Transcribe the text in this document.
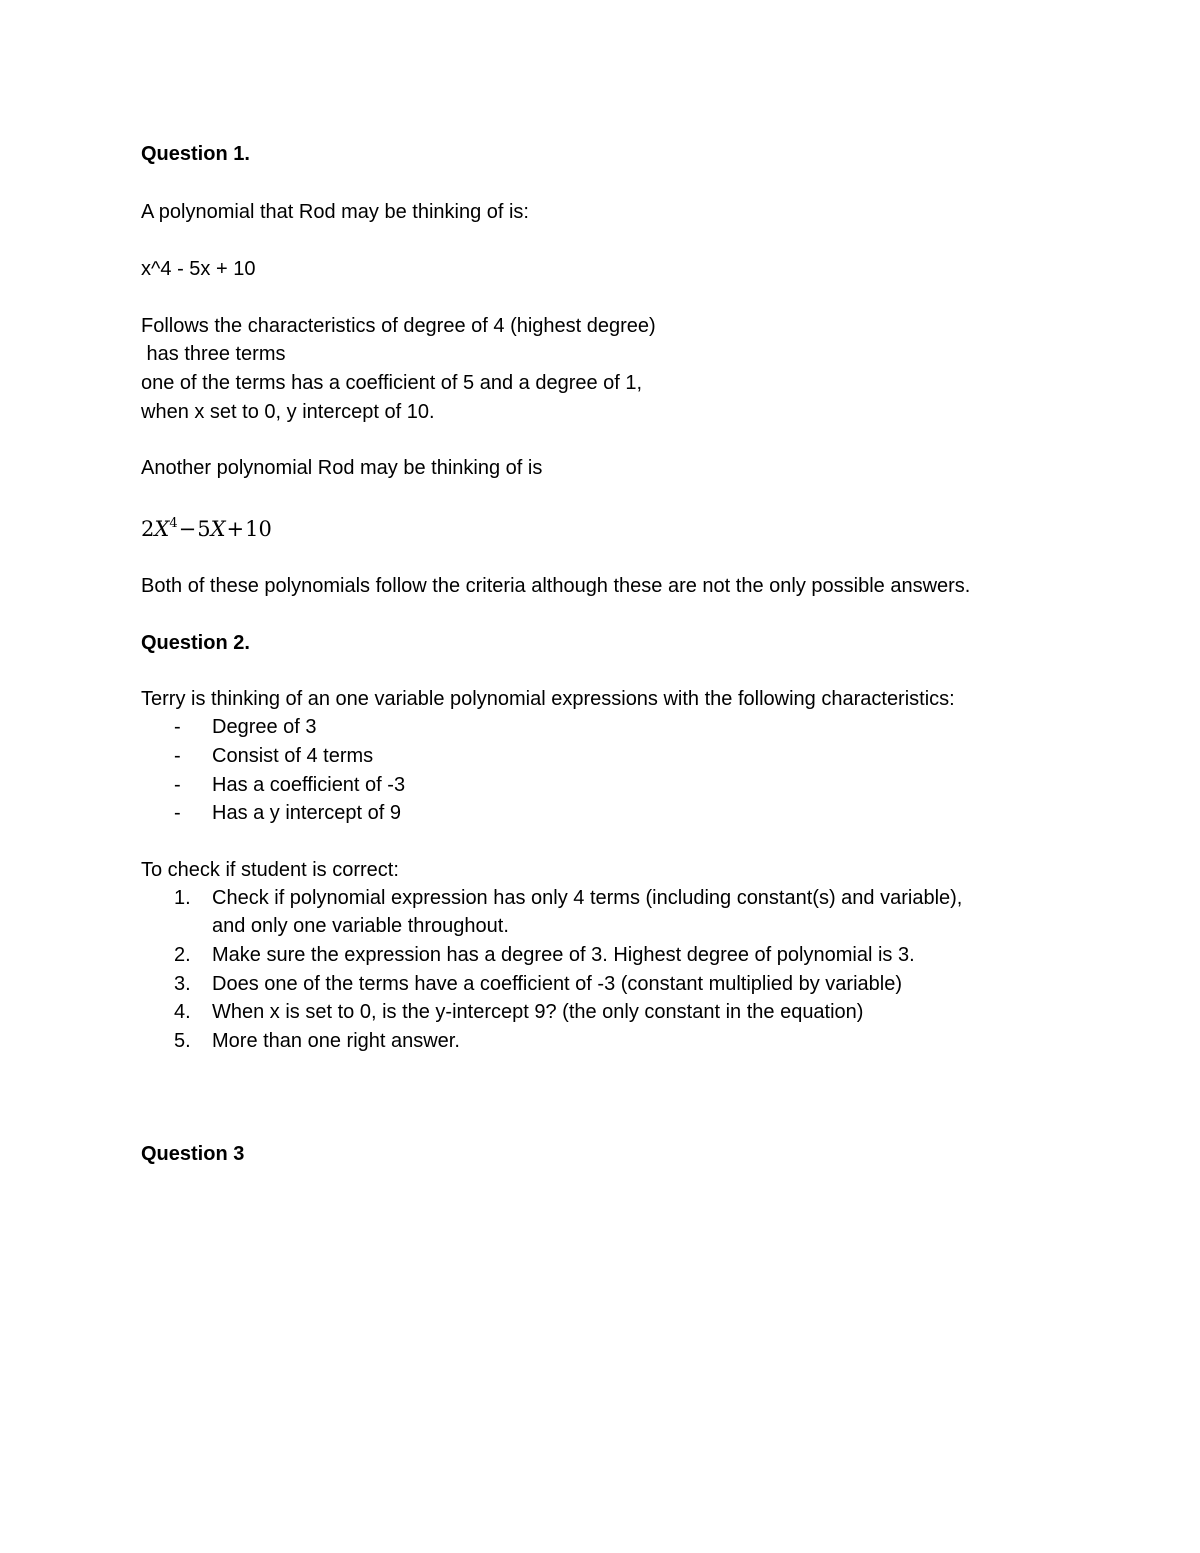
Question 1.
A polynomial that Rod may be thinking of is:
x^4 - 5x + 10
Follows the characteristics of degree of 4 (highest degree)
has three terms
one of the terms has a coefficient of 5 and a degree of 1,
when x set to 0, y intercept of 10.
Another polynomial Rod may be thinking of is
$2X^4-5X+10$
Both of these polynomials follow the criteria although these are not the only possible answers.
Question 2.
Terry is thinking of an one variable polynomial expressions with the following characteristics:
-	Degree of 3
-	Consist of 4 terms
-	Has a coefficient of -3
-	Has a y intercept of 9
To check if student is correct:
1.	Check if polynomial expression has only 4 terms (including constant(s) and variable),
and only one variable throughout.
2.	Make sure the expression has a degree of 3. Highest degree of polynomial is 3.
3.	Does one of the terms have a coefficient of -3 (constant multiplied by variable)
4.	When x is set to 0, is the y-intercept 9? (the only constant in the equation)
5.	More than one right answer.
Question 3
